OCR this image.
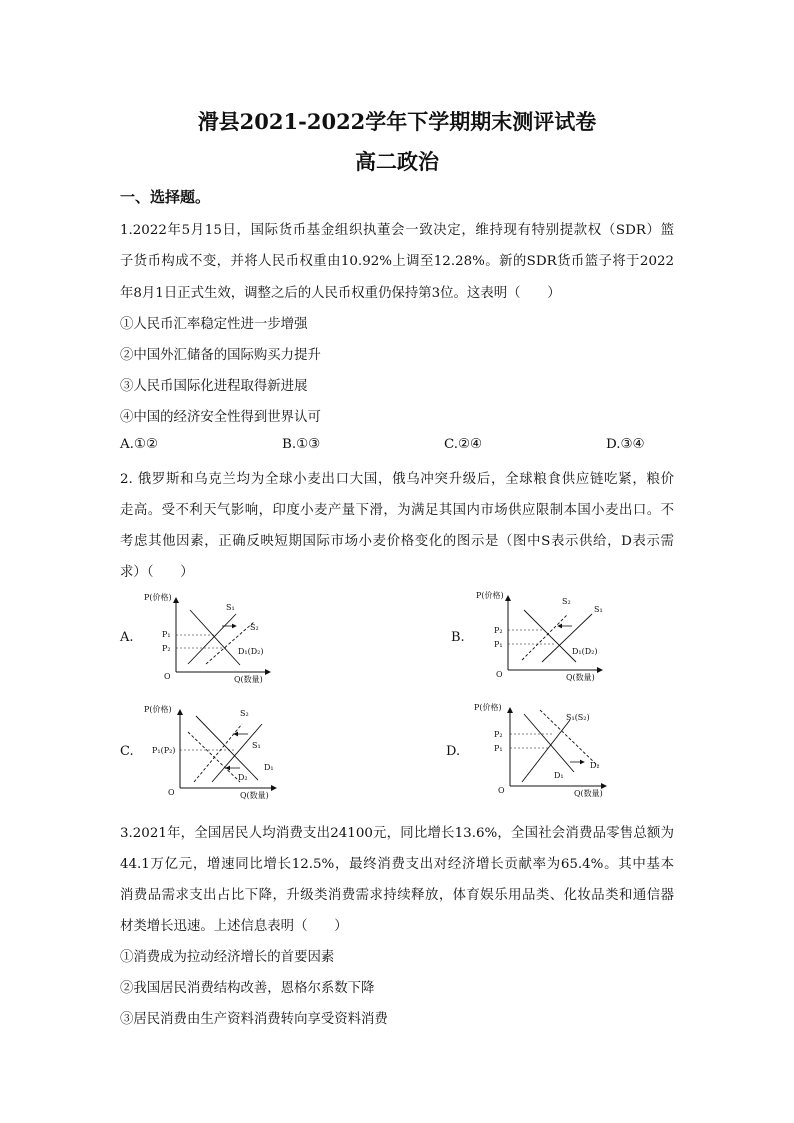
滑县2021-2022学年下学期期末测评试卷
高二政治
一、选择题。
1.2022年5月15日，国际货币基金组织执董会一致决定，维持现有特别提款权（SDR）篮
子货币构成不变，并将人民币权重由10.92%上调至12.28%。新的SDR货币篮子将于2022
年8月1日正式生效，调整之后的人民币权重仍保持第3位。这表明（　　）
①人民币汇率稳定性进一步增强
②中国外汇储备的国际购买力提升
③人民币国际化进程取得新进展
④中国的经济安全性得到世界认可
A.①②	B.①③	C.②④	D.③④
2. 俄罗斯和乌克兰均为全球小麦出口大国，俄乌冲突升级后，全球粮食供应链吃紧，粮价
走高。受不利天气影响，印度小麦产量下滑，为满足其国内市场供应限制本国小麦出口。不
考虑其他因素，正确反映短期国际市场小麦价格变化的图示是（图中S表示供给，D表示需
求）（　　）
A.
P(价格)
Q(数量)
O
P₁
P₂
S₁
S₂
D₁(D₂)
B.
P(价格)
Q(数量)
O
P₂
P₁
S₂
S₁
D₁(D₂)
C.
P(价格)
Q(数量)
O
P₁(P₂)
S₂
S₁
D₁
D₂
D.
P(价格)
Q(数量)
O
P₂
P₁
S₁(S₂)
D₂
D₁
3.2021年，全国居民人均消费支出24100元，同比增长13.6%，全国社会消费品零售总额为
44.1万亿元，增速同比增长12.5%，最终消费支出对经济增长贡献率为65.4%。其中基本
消费品需求支出占比下降，升级类消费需求持续释放，体育娱乐用品类、化妆品类和通信器
材类增长迅速。上述信息表明（　　）
①消费成为拉动经济增长的首要因素
②我国居民消费结构改善，恩格尔系数下降
③居民消费由生产资料消费转向享受资料消费
